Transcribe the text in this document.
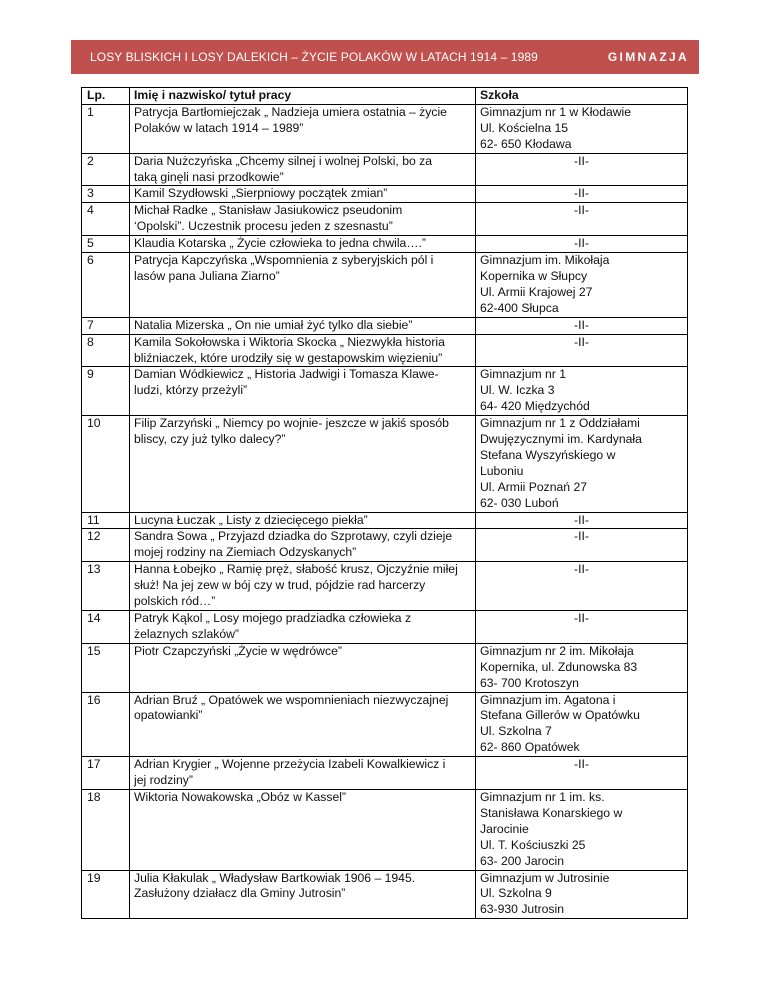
LOSY BLISKICH I LOSY DALEKICH – ŻYCIE POLAKÓW W LATACH 1914 – 1989	GIMNAZJA
Lp.	Imię i nazwisko/ tytuł pracy	Szkoła
1	Patrycja Bartłomiejczak „ Nadzieja umiera ostatnia – życie	Gimnazjum nr 1 w Kłodawie
	Polaków w latach 1914 – 1989”	Ul. Kościelna 15
		62- 650 Kłodawa
2	Daria Nużczyńska „Chcemy silnej i wolnej Polski, bo za	-II-
	taką ginęli nasi przodkowie”	
3	Kamil Szydłowski „Sierpniowy początek zmian”	-II-
4	Michał Radke „ Stanisław Jasiukowicz pseudonim	-II-
	‘Opolski”. Uczestnik procesu jeden z szesnastu”	
5	Klaudia Kotarska „ Życie człowieka to jedna chwila….”	-II-
6	Patrycja Kapczyńska „Wspomnienia z syberyjskich pól i	Gimnazjum im. Mikołaja
	lasów pana Juliana Ziarno”	Kopernika w Słupcy
		Ul. Armii Krajowej 27
		62-400 Słupca
7	Natalia Mizerska „ On nie umiał żyć tylko dla siebie”	-II-
8	Kamila Sokołowska i Wiktoria Skocka „ Niezwykła historia	-II-
	bliźniaczek, które urodziły się w gestapowskim więzieniu”	
9	Damian Wódkiewicz „ Historia Jadwigi i Tomasza Klawe-	Gimnazjum nr 1
	ludzi, którzy przeżyli”	Ul. W. Iczka 3
		64- 420 Międzychód
10	Filip Zarzyński „ Niemcy po wojnie- jeszcze w jakiś sposób	Gimnazjum nr 1 z Oddziałami
	bliscy, czy już tylko dalecy?”	Dwujęzycznymi im. Kardynała
		Stefana Wyszyńskiego w
		Luboniu
		Ul. Armii Poznań 27
		62- 030 Luboń
11	Lucyna Łuczak „ Listy z dziecięcego piekła”	-II-
12	Sandra Sowa „ Przyjazd dziadka do Szprotawy, czyli dzieje	-II-
	mojej rodziny na Ziemiach Odzyskanych”	
13	Hanna Łobejko „ Ramię pręż, słabość krusz, Ojczyźnie miłej	-II-
	służ! Na jej zew w bój czy w trud, pójdzie rad harcerzy	
	polskich ród…”	
14	Patryk Kąkol „ Losy mojego pradziadka człowieka z	-II-
	żelaznych szlaków”	
15	Piotr Czapczyński „Życie w wędrówce”	Gimnazjum nr 2 im. Mikołaja
		Kopernika, ul. Zdunowska 83
		63- 700 Krotoszyn
16	Adrian Bruź „ Opatówek we wspomnieniach niezwyczajnej	Gimnazjum im. Agatona i
	opatowianki”	Stefana Gillerów w Opatówku
		Ul. Szkolna 7
		62- 860 Opatówek
17	Adrian Krygier „ Wojenne przeżycia Izabeli Kowalkiewicz i	-II-
	jej rodziny”	
18	Wiktoria Nowakowska „Obóz w Kassel”	Gimnazjum nr 1 im. ks.
		Stanisława Konarskiego w
		Jarocinie
		Ul. T. Kościuszki 25
		63- 200 Jarocin
19	Julia Kłakulak „ Władysław Bartkowiak 1906 – 1945.	Gimnazjum w Jutrosinie
	Zasłużony działacz dla Gminy Jutrosin”	Ul. Szkolna 9
		63-930 Jutrosin
